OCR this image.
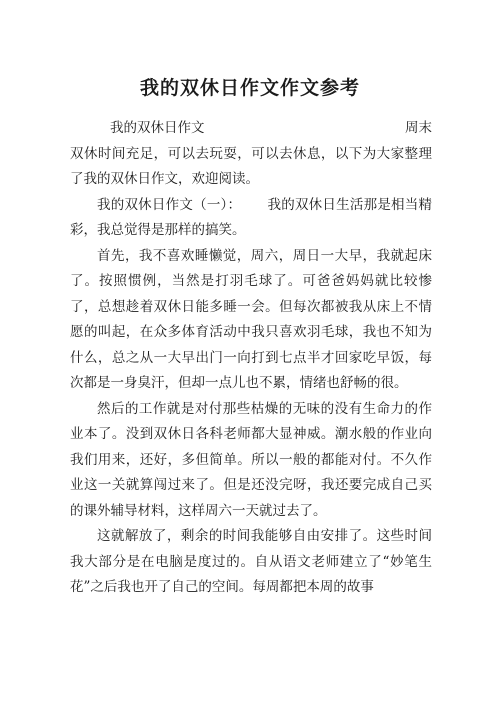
我的双休日作文作文参考
我的双休日作文	周末

双休时间充足，可以去玩耍，可以去休息，以下为大家整理了我的双休日作文，欢迎阅读。

我的双休日作文（一）： 我的双休日生活那是相当精彩，我总觉得是那样的搞笑。

首先，我不喜欢睡懒觉，周六，周日一大早，我就起床了。按照惯例，当然是打羽毛球了。可爸爸妈妈就比较惨了，总想趁着双休日能多睡一会。但每次都被我从床上不情愿的叫起，在众多体育活动中我只喜欢羽毛球，我也不知为什么，总之从一大早出门一向打到七点半才回家吃早饭，每次都是一身臭汗，但却一点儿也不累，情绪也舒畅的很。

然后的工作就是对付那些枯燥的无味的没有生命力的作业本了。没到双休日各科老师都大显神威。潮水般的作业向我们用来，还好，多但简单。所以一般的都能对付。不久作业这一关就算闯过来了。但是还没完呀，我还要完成自己买的课外辅导材料，这样周六一天就过去了。

这就解放了，剩余的时间我能够自由安排了。这些时间我大部分是在电脑是度过的。自从语文老师建立了“妙笔生花”之后我也开了自己的空间。每周都把本周的故事
